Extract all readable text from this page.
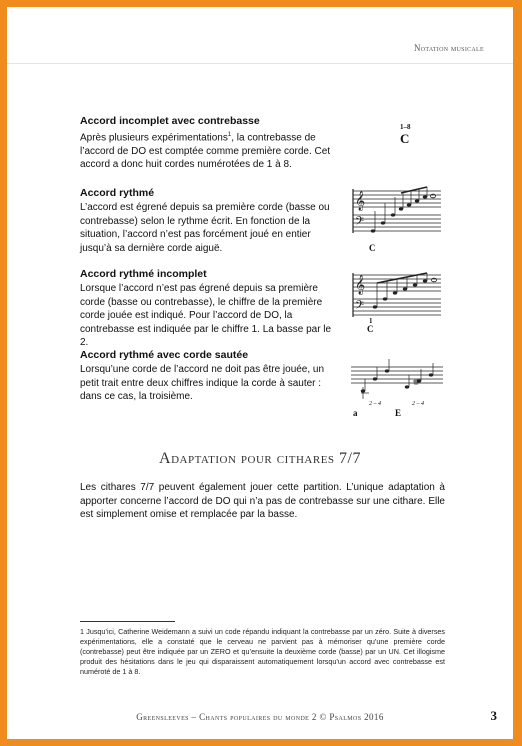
Notation musicale
Accord incomplet avec contrebasse
Après plusieurs expérimentations$^1$, la contrebasse de l’accord de DO est comptée comme première corde. Cet accord a donc huit cordes numérotées de 1 à 8.
1–8
C
Accord rythmé
L’accord est égrené depuis sa première corde (basse ou contrebasse) selon le rythme écrit. En fonction de la situation, l’accord n’est pas forcément joué en entier jusqu’à sa dernière corde aiguë.
𝄞
𝄢
C
Accord rythmé incomplet
Lorsque l’accord n’est pas égrené depuis sa première corde (basse ou contrebasse), le chiffre de la première corde jouée est indiqué. Pour l’accord de DO, la contrebasse est indiquée par le chiffre 1. La basse par le 2.
𝄞
𝄢
1
C
Accord rythmé avec corde sautée
Lorsqu’une corde de l’accord ne doit pas être jouée, un petit trait entre deux chiffres indique la corde à sauter : dans ce cas, la troisième.
a
2 – 4
E
2 – 4
Adaptation pour cithares 7/7
Les cithares 7/7 peuvent également jouer cette partition. L’unique adaptation à apporter concerne l’accord de DO qui n’a pas de contrebasse sur une cithare. Elle est simplement omise et remplacée par la basse.
1 Jusqu’ici, Catherine Weidemann a suivi un code répandu indiquant la contrebasse par un zéro. Suite à diverses expérimentations, elle a constaté que le cerveau ne parvient pas à mémoriser qu’une première corde (contrebasse) peut être indiquée par un ZERO et qu’ensuite la deuxième corde (basse) par un UN. Cet illogisme produit des hésitations dans le jeu qui disparaissent automatiquement lorsqu’un accord avec contrebasse est numéroté de 1 à 8.
Greensleeves – Chants populaires du monde 2 © Psalmos 2016	3
